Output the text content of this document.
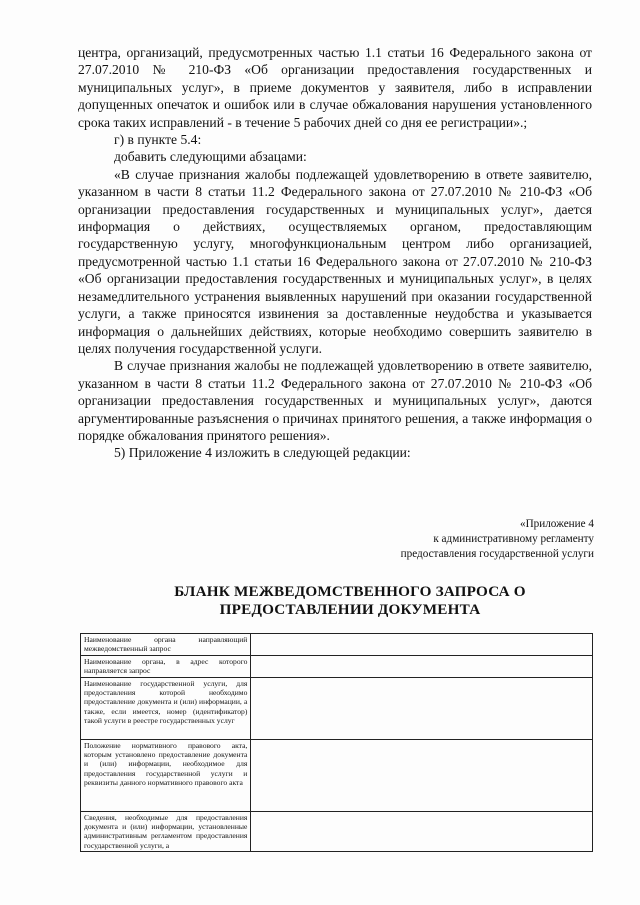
центра, организаций, предусмотренных частью 1.1 статьи 16 Федерального закона от 27.07.2010 № 210-ФЗ «Об организации предоставления государственных и муниципальных услуг», в приеме документов у заявителя, либо в исправлении допущенных опечаток и ошибок или в случае обжалования нарушения установленного срока таких исправлений - в течение 5 рабочих дней со дня ее регистрации».;

г) в пункте 5.4:

добавить следующими абзацами:

«В случае признания жалобы подлежащей удовлетворению в ответе заявителю, указанном в части 8 статьи 11.2 Федерального закона от 27.07.2010 № 210-ФЗ «Об организации предоставления государственных и муниципальных услуг», дается информация о действиях, осуществляемых органом, предоставляющим государственную услугу, многофункциональным центром либо организацией, предусмотренной частью 1.1 статьи 16 Федерального закона от 27.07.2010 № 210-ФЗ «Об организации предоставления государственных и муниципальных услуг», в целях незамедлительного устранения выявленных нарушений при оказании государственной услуги, а также приносятся извинения за доставленные неудобства и указывается информация о дальнейших действиях, которые необходимо совершить заявителю в целях получения государственной услуги.

В случае признания жалобы не подлежащей удовлетворению в ответе заявителю, указанном в части 8 статьи 11.2 Федерального закона от 27.07.2010 № 210-ФЗ «Об организации предоставления государственных и муниципальных услуг», даются аргументированные разъяснения о причинах принятого решения, а также информация о порядке обжалования принятого решения».

5) Приложение 4 изложить в следующей редакции:

«Приложение 4
к административному регламенту
предоставления государственной услуги
БЛАНК МЕЖВЕДОМСТВЕННОГО ЗАПРОСА О
ПРЕДОСТАВЛЕНИИ ДОКУМЕНТА
Наименование органа направляющий межведомственный запрос	
Наименование органа, в адрес которого направляется запрос	
Наименование государственной услуги, для предоставления которой необходимо предоставление документа и (или) информации, а также, если имеется, номер (идентификатор) такой услуги в реестре государственных услуг	
Положение нормативного правового акта, которым установлено предоставление документа и (или) информации, необходимое для предоставления государственной услуги и реквизиты данного нормативного правового акта	
Сведения, необходимые для предоставления документа и (или) информации, установленные административным регламентом предоставления государственной услуги, а	
